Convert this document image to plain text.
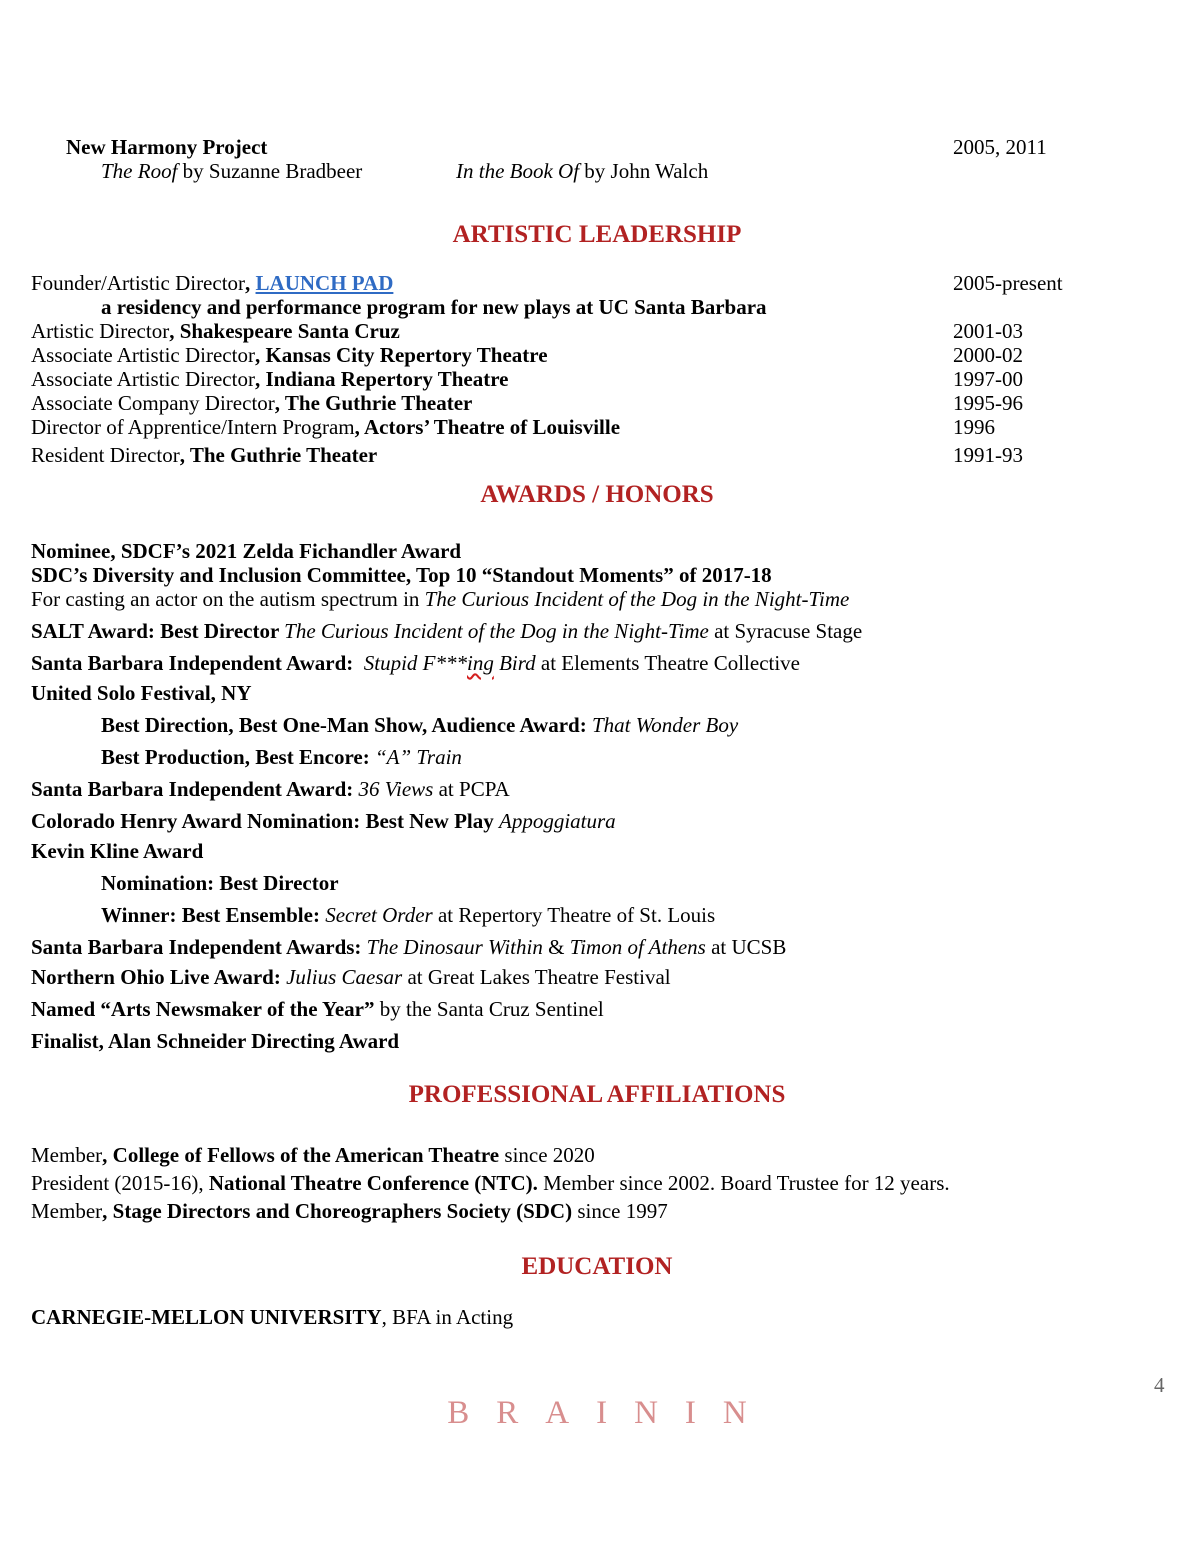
New Harmony Project	2005, 2011
The Roof by Suzanne Bradbeer	In the Book Of by John Walch
ARTISTIC LEADERSHIP
Founder/Artistic Director, LAUNCH PAD	2005-present
a residency and performance program for new plays at UC Santa Barbara
Artistic Director, Shakespeare Santa Cruz	2001-03
Associate Artistic Director, Kansas City Repertory Theatre	2000-02
Associate Artistic Director, Indiana Repertory Theatre	1997-00
Associate Company Director, The Guthrie Theater	1995-96
Director of Apprentice/Intern Program, Actors’ Theatre of Louisville	1996
Resident Director, The Guthrie Theater	1991-93
AWARDS / HONORS
Nominee, SDCF’s 2021 Zelda Fichandler Award
SDC’s Diversity and Inclusion Committee, Top 10 “Standout Moments” of 2017-18
For casting an actor on the autism spectrum in The Curious Incident of the Dog in the Night-Time
SALT Award: Best Director The Curious Incident of the Dog in the Night-Time at Syracuse Stage
Santa Barbara Independent Award:  Stupid F***ing Bird at Elements Theatre Collective
United Solo Festival, NY
Best Direction, Best One-Man Show, Audience Award: That Wonder Boy
Best Production, Best Encore: “A” Train
Santa Barbara Independent Award: 36 Views at PCPA
Colorado Henry Award Nomination: Best New Play Appoggiatura
Kevin Kline Award
Nomination: Best Director
Winner: Best Ensemble: Secret Order at Repertory Theatre of St. Louis
Santa Barbara Independent Awards: The Dinosaur Within & Timon of Athens at UCSB
Northern Ohio Live Award: Julius Caesar at Great Lakes Theatre Festival
Named “Arts Newsmaker of the Year” by the Santa Cruz Sentinel
Finalist, Alan Schneider Directing Award
PROFESSIONAL AFFILIATIONS
Member, College of Fellows of the American Theatre since 2020
President (2015-16), National Theatre Conference (NTC). Member since 2002. Board Trustee for 12 years.
Member, Stage Directors and Choreographers Society (SDC) since 1997
EDUCATION
CARNEGIE-MELLON UNIVERSITY, BFA in Acting
4
BRAININ
